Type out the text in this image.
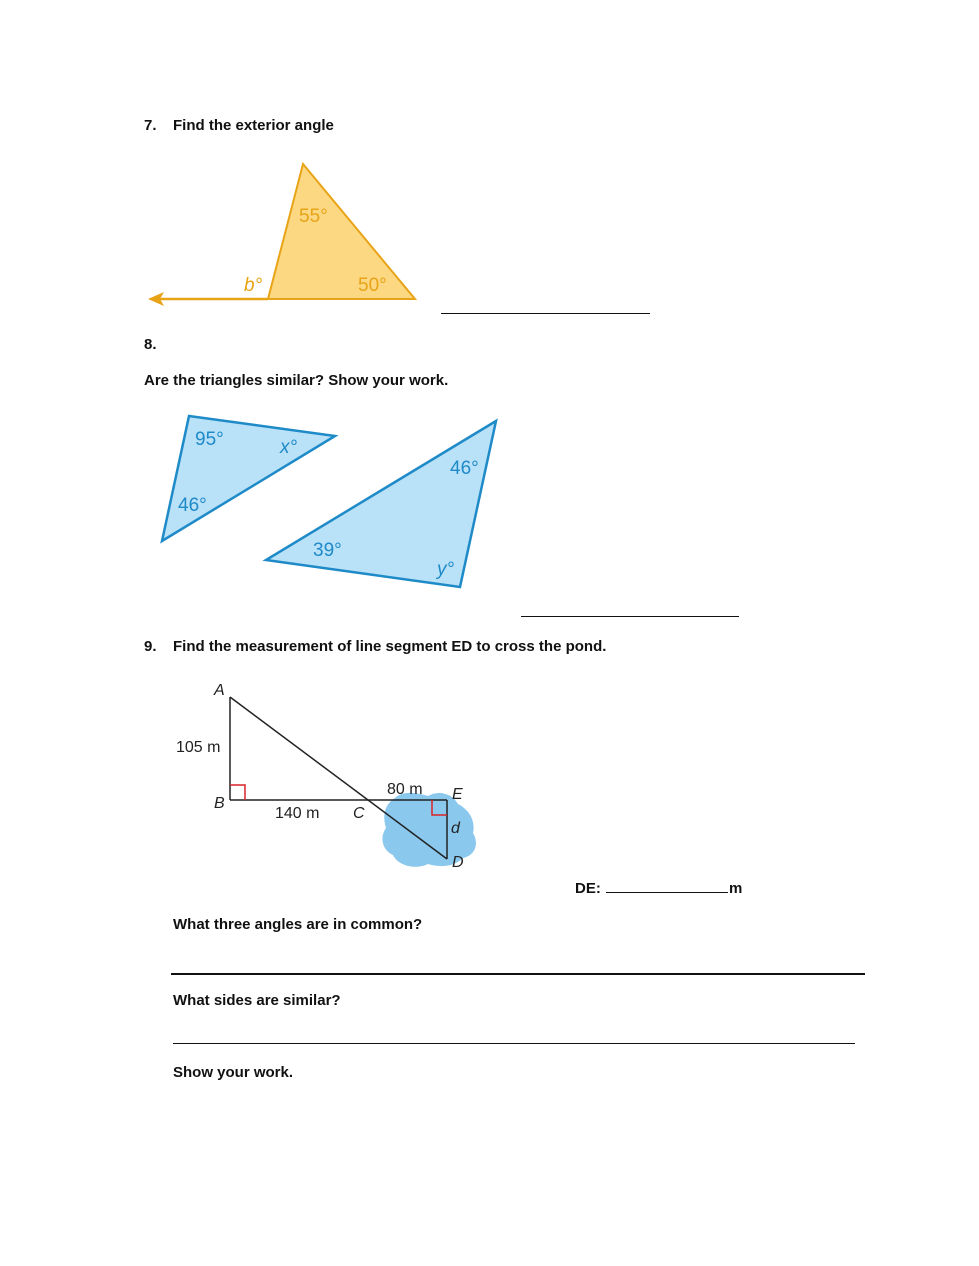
7. Find the exterior angle
55°
50°
b°
8.
Are the triangles similar? Show your work.
95°	x°
46°
46°
39°
y°
9. Find the measurement of line segment ED to cross the pond.
A
B
C
D
E
d
105 m
140 m
80 m
DE:	m
What three angles are in common?
What sides are similar?
Show your work.
